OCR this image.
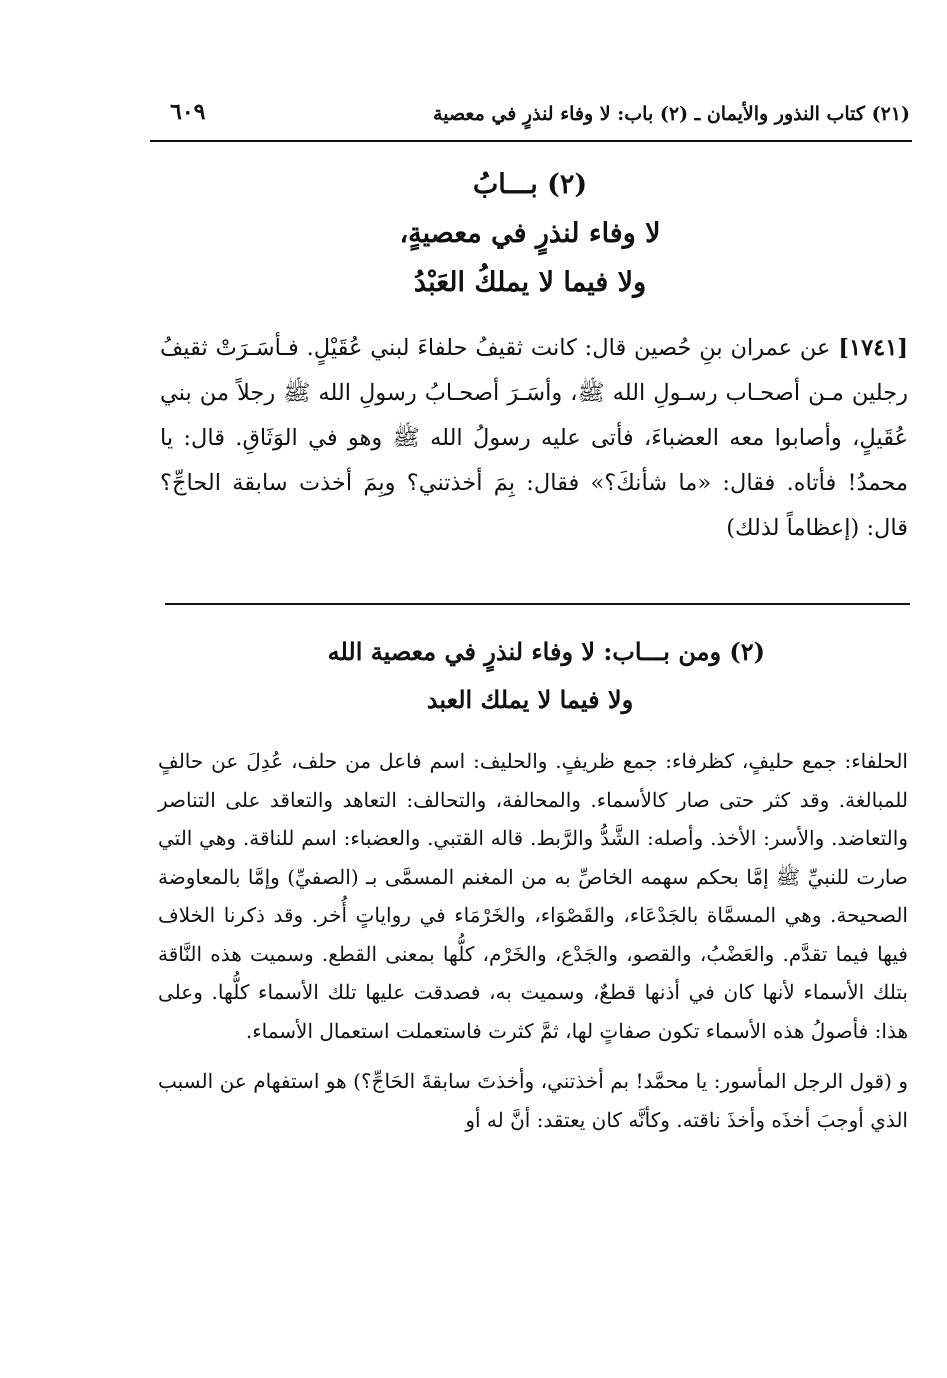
(٢١) كتاب النذور والأيمان ـ (٢) باب: لا وفاء لنذرٍ في معصية
٦٠٩
(٢) بـــابُ
لا وفاء لنذرٍ في معصيةٍ،
ولا فيما لا يملكُ العَبْدُ
[١٧٤١] عن عمران بنِ حُصين قال: كانت ثقيفُ حلفاءَ لبني عُقَيْلٍ. فـأسَـرَتْ ثقيفُ رجلين مـن أصحـاب رسـولِ الله ﷺ، وأسَـرَ أصحـابُ رسولِ الله ﷺ رجلاً من بني عُقَيلٍ، وأصابوا معه العضباءَ، فأتى عليه رسولُ الله ﷺ وهو في الوَثَاقِ. قال: يا محمدُ! فأتاه. فقال: «ما شأنكَ؟» فقال: بِمَ أخذتني؟ وبِمَ أخذت سابقة الحاجِّ؟ قال: (إعظاماً لذلك)
(٢) ومن بـــاب: لا وفاء لنذرٍ في معصية الله
ولا فيما لا يملك العبد

الحلفاء: جمع حليفٍ، كظرفاء: جمع ظريفٍ. والحليف: اسم فاعل من حلف، عُدِلَ عن حالفٍ للمبالغة. وقد كثر حتى صار كالأسماء. والمحالفة، والتحالف: التعاهد والتعاقد على التناصر والتعاضد. والأسر: الأخذ. وأصله: الشَّدُّ والرَّبط. قاله القتبي. والعضباء: اسم للناقة. وهي التي صارت للنبيِّ ﷺ إمَّا بحكم سهمه الخاصِّ به من المغنم المسمَّى بـ (الصفيِّ) وإمَّا بالمعاوضة الصحيحة. وهي المسمَّاة بالجَدْعَاء، والقَصْوَاء، والخَرْمَاء في رواياتٍ أُخر. وقد ذكرنا الخلاف فيها فيما تقدَّم. والعَضْبُ، والقصو، والجَدْع، والخَرْم، كلُّها بمعنى القطع. وسميت هذه النَّاقة بتلك الأسماء لأنها كان في أذنها قطعٌ، وسميت به، فصدقت عليها تلك الأسماء كلُّها. وعلى هذا: فأصولُ هذه الأسماء تكون صفاتٍ لها، ثمَّ كثرت فاستعملت استعمال الأسماء.

و (قول الرجل المأسور: يا محمَّد! بم أخذتني، وأخذتَ سابقةَ الحَاجِّ؟) هو استفهام عن السبب الذي أوجبَ أخذَه وأخذَ ناقته. وكأنَّه كان يعتقد: أنَّ له أو
